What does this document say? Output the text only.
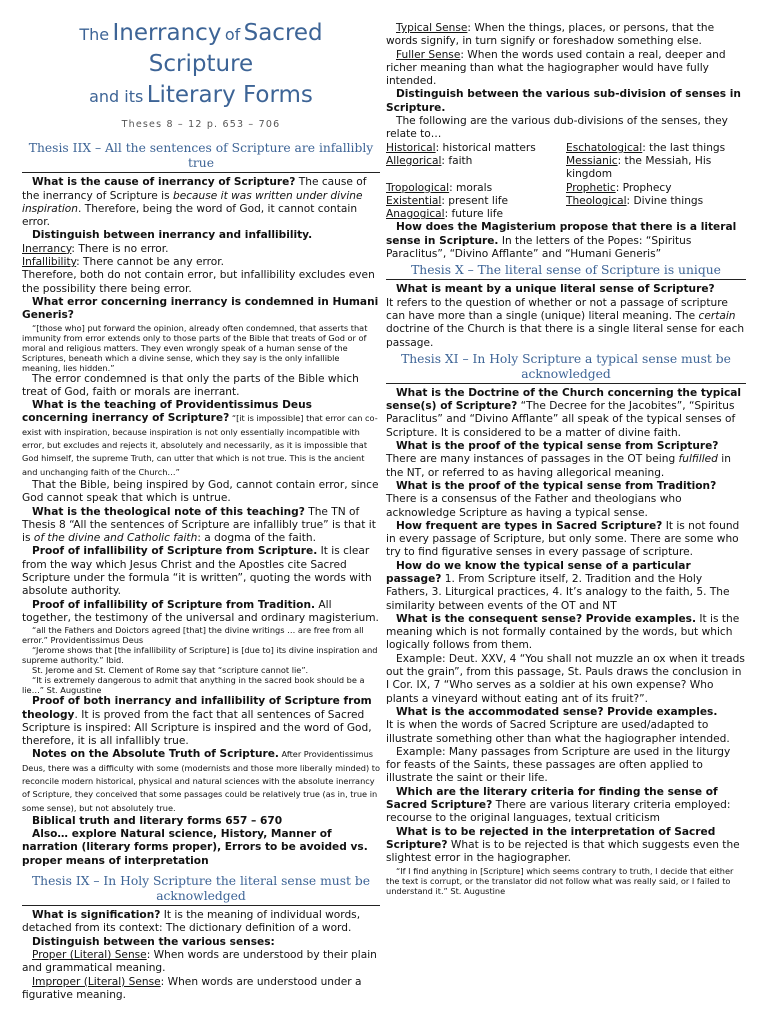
The Inerrancy of Sacred
Scripture
and its Literary Forms
Theses 8 – 12 p. 653 – 706
Thesis IIX – All the sentences of Scripture are infallibly true

What is the cause of inerrancy of Scripture? The cause of the inerrancy of Scripture is because it was written under divine inspiration. Therefore, being the word of God, it cannot contain error.

Distinguish between inerrancy and infallibility.

Inerrancy: There is no error.

Infallibility: There cannot be any error.

Therefore, both do not contain error, but infallibility excludes even the possibility there being error.

What error concerning inerrancy is condemned in Humani Generis?

“[those who] put forward the opinion, already often condemned, that asserts that immunity from error extends only to those parts of the Bible that treats of God or of moral and religious matters. They even wrongly speak of a human sense of the Scriptures, beneath which a divine sense, which they say is the only infallible meaning, lies hidden.”

The error condemned is that only the parts of the Bible which treat of God, faith or morals are inerrant.

What is the teaching of Providentissimus Deus concerning inerrancy of Scripture? “[it is impossible] that error can co-exist with inspiration, because inspiration is not only essentially incompatible with error, but excludes and rejects it, absolutely and necessarily, as it is impossible that God himself, the supreme Truth, can utter that which is not true. This is the ancient and unchanging faith of the Church…”

That the Bible, being inspired by God, cannot contain error, since God cannot speak that which is untrue.

What is the theological note of this teaching? The TN of Thesis 8 “All the sentences of Scripture are infallibly true” is that it is of the divine and Catholic faith: a dogma of the faith.

Proof of infallibility of Scripture from Scripture. It is clear from the way which Jesus Christ and the Apostles cite Sacred Scripture under the formula “it is written”, quoting the words with absolute authority.

Proof of infallibility of Scripture from Tradition. All together, the testimony of the universal and ordinary magisterium.

“all the Fathers and Doictors agreed [that] the divine writings … are free from all error.” Providentissimus Deus

“Jerome shows that [the infallibility of Scripture] is [due to] its divine inspiration and supreme authority.” Ibid.

St. Jerome and St. Clement of Rome say that “scripture cannot lie”.

“It is extremely dangerous to admit that anything in the sacred book should be a lie…” St. Augustine

Proof of both inerrancy and infallibility of Scripture from theology. It is proved from the fact that all sentences of Sacred Scripture is inspired: All Scripture is inspired and the word of God, therefore, it is all infallibly true.

Notes on the Absolute Truth of Scripture. After Providentissimus Deus, there was a difficulty with some (modernists and those more liberally minded) to reconcile modern historical, physical and natural sciences with the absolute inerrancy of Scripture, they conceived that some passages could be relatively true (as in, true in some sense), but not absolutely true.

Biblical truth and literary forms 657 – 670

Also… explore Natural science, History, Manner of narration (literary forms proper), Errors to be avoided vs. proper means of interpretation

Thesis IX – In Holy Scripture the literal sense must be acknowledged

What is signification? It is the meaning of individual words, detached from its context: The dictionary definition of a word.

Distinguish between the various senses:

Proper (Literal) Sense: When words are understood by their plain and grammatical meaning.

Improper (Literal) Sense: When words are understood under a figurative meaning.

Typical Sense: When the things, places, or persons, that the words signify, in turn signify or foreshadow something else.

Fuller Sense: When the words used contain a real, deeper and richer meaning than what the hagiographer would have fully intended.

Distinguish between the various sub-division of senses in Scripture.

The following are the various dub-divisions of the senses, they relate to…

Historical: historical matters	Eschatological: the last things
Allegorical: faith	Messianic: the Messiah, His kingdom
Tropological: morals	Prophetic: Prophecy
Existential: present life	Theological: Divine things
Anagogical: future life

How does the Magisterium propose that there is a literal sense in Scripture. In the letters of the Popes: “Spiritus Paraclitus”, “Divino Afflante” and “Humani Generis”

Thesis X – The literal sense of Scripture is unique

What is meant by a unique literal sense of Scripture?

It refers to the question of whether or not a passage of scripture can have more than a single (unique) literal meaning. The certain doctrine of the Church is that there is a single literal sense for each passage.

Thesis XI – In Holy Scripture a typical sense must be acknowledged

What is the Doctrine of the Church concerning the typical sense(s) of Scripture? “The Decree for the Jacobites”, “Spiritus Paraclitus” and “Divino Afflante” all speak of the typical senses of Scripture. It is considered to be a matter of divine faith.

What is the proof of the typical sense from Scripture?

There are many instances of passages in the OT being fulfilled in the NT, or referred to as having allegorical meaning.

What is the proof of the typical sense from Tradition?

There is a consensus of the Father and theologians who acknowledge Scripture as having a typical sense.

How frequent are types in Sacred Scripture? It is not found in every passage of Scripture, but only some. There are some who try to find figurative senses in every passage of scripture.

How do we know the typical sense of a particular passage? 1. From Scripture itself, 2. Tradition and the Holy Fathers, 3. Liturgical practices, 4. It’s analogy to the faith, 5. The similarity between events of the OT and NT

What is the consequent sense? Provide examples. It is the meaning which is not formally contained by the words, but which logically follows from them.

Example: Deut. XXV, 4 “You shall not muzzle an ox when it treads out the grain”, from this passage, St. Pauls draws the conclusion in I Cor. IX, 7 “Who serves as a soldier at his own expense? Who plants a vineyard without eating ant of its fruit?”.

What is the accommodated sense? Provide examples.

It is when the words of Sacred Scripture are used/adapted to illustrate something other than what the hagiographer intended.

Example: Many passages from Scripture are used in the liturgy for feasts of the Saints, these passages are often applied to illustrate the saint or their life.

Which are the literary criteria for finding the sense of Sacred Scripture? There are various literary criteria employed: recourse to the original languages, textual criticism

What is to be rejected in the interpretation of Sacred Scripture? What is to be rejected is that which suggests even the slightest error in the hagiographer.

“If I find anything in [Scripture] which seems contrary to truth, I decide that either the text is corrupt, or the translator did not follow what was really said, or I failed to understand it.” St. Augustine
